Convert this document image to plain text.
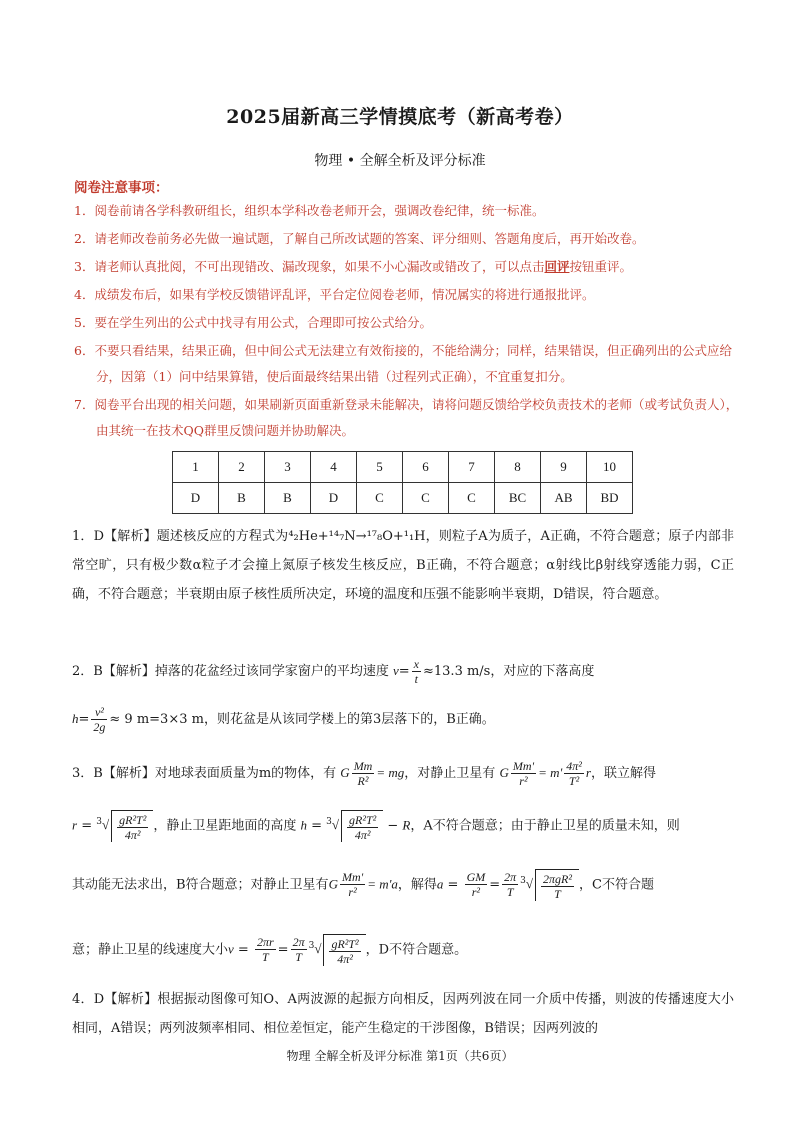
2025届新高三学情摸底考（新高考卷）
物理 • 全解全析及评分标准
阅卷注意事项：
1．阅卷前请各学科教研组长，组织本学科改卷老师开会，强调改卷纪律，统一标准。
2．请老师改卷前务必先做一遍试题，了解自己所改试题的答案、评分细则、答题角度后，再开始改卷。
3．请老师认真批阅，不可出现错改、漏改现象，如果不小心漏改或错改了，可以点击回评按钮重评。
4．成绩发布后，如果有学校反馈错评乱评，平台定位阅卷老师，情况属实的将进行通报批评。
5．要在学生列出的公式中找寻有用公式，合理即可按公式给分。
6．不要只看结果，结果正确，但中间公式无法建立有效衔接的，不能给满分；同样，结果错误，但正确列出的公式应给分，因第（1）问中结果算错，使后面最终结果出错（过程列式正确），不宜重复扣分。
7．阅卷平台出现的相关问题，如果刷新页面重新登录未能解决，请将问题反馈给学校负责技术的老师（或考试负责人），由其统一在技术QQ群里反馈问题并协助解决。
1	2	3	4	5	6	7	8	9	10
D	B	B	D	C	C	C	BC	AB	BD
1．D【解析】题述核反应的方程式为⁴₂He+¹⁴₇N→¹⁷₈O+¹₁H，则粒子A为质子，A正确，不符合题意；原子内部非常空旷，只有极少数α粒子才会撞上氮原子核发生核反应，B正确，不符合题意；α射线比β射线穿透能力弱，C正确，不符合题意；半衰期由原子核性质所决定，环境的温度和压强不能影响半衰期，D错误，符合题意。
2．B【解析】掉落的花盆经过该同学家窗户的平均速度 $v= \frac{x}{t} \approx 13.3$ m/s，对应的下落高度
$h= \frac{\text{v²}}{2g} \approx 9$ m=3×3 m，则花盆是从该同学楼上的第3层落下的，B正确。
3．B【解析】对地球表面质量为m的物体，有 G $\frac{Mm}{\text{R²}}$ = mg，对静止卫星有 G $\frac{Mm'}{\text{r²}} = m' \frac{\text{4π²}}{\text{T²}}$ r，联立解得
$r = ^3√ \frac{\text{gR²T²}}{\text{4π²}}$ ，静止卫星距地面的高度 $h = ^3√ \frac{\text{gR²T²}}{\text{4π²}} - R$，A不符合题意；由于静止卫星的质量未知，则
其动能无法求出，B符合题意；对静止卫星有G $\frac{Mm'}{\text{r²}} = m'a$，解得$a = \frac{GM}{\text{r²}} = \frac{2\pi}{T} ^3√ \frac{\text{2πgR²}}{T}$ ，C不符合题
意；静止卫星的线速度大小$v = \frac{2\pi r}{T} = \frac{2\pi}{T} ^3√ \frac{\text{gR²T²}}{\text{4π²}}$ ，D不符合题意。
4．D【解析】根据振动图像可知O、A两波源的起振方向相反，因两列波在同一介质中传播，则波的传播速度大小相同，A错误；两列波频率相同、相位差恒定，能产生稳定的干涉图像，B错误；因两列波的
物理 全解全析及评分标准 第1页（共6页）
